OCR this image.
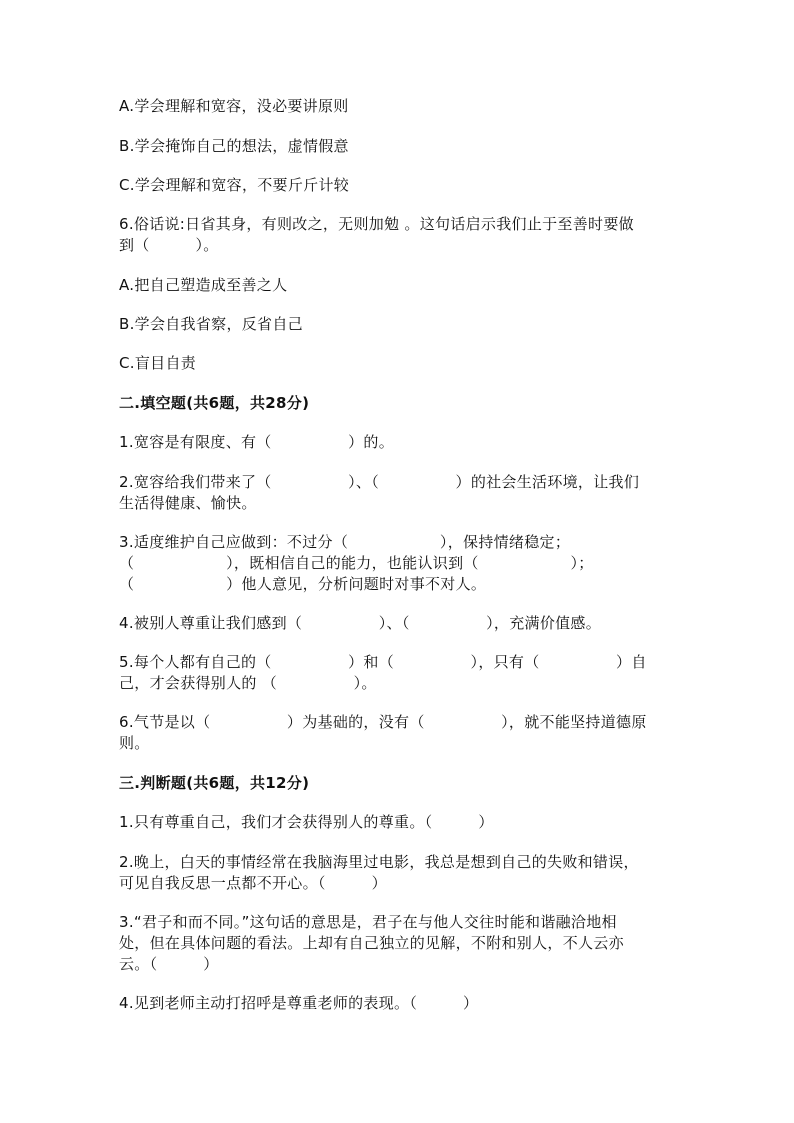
A.学会理解和宽容，没必要讲原则
B.学会掩饰自己的想法，虚情假意
C.学会理解和宽容，不要斤斤计较
6.俗话说:日省其身，有则改之，无则加勉 。这句话启示我们止于至善时要做
到（　　　）。
A.把自己塑造成至善之人
B.学会自我省察，反省自己
C.盲目自责
二.填空题(共6题，共28分)
1.宽容是有限度、有（　　　　　）的。
2.宽容给我们带来了（　　　　　）、（　　　　　）的社会生活环境，让我们
生活得健康、愉快。
3.适度维护自己应做到：不过分（　　　　　　），保持情绪稳定；
（　　　　　　），既相信自己的能力，也能认识到（　　　　　　）；
（　　　　　　）他人意见，分析问题时对事不对人。
4.被别人尊重让我们感到（　　　　　）、（　　　　　），充满价值感。
5.每个人都有自己的（　　　　　）和（　　　　　），只有（　　　　　）自
己，才会获得别人的 （　　　　　）。
6.气节是以（　　　　　）为基础的，没有（　　　　　），就不能坚持道德原
则。
三.判断题(共6题，共12分)
1.只有尊重自己，我们才会获得别人的尊重。（　　　）
2.晚上，白天的事情经常在我脑海里过电影，我总是想到自己的失败和错误，
可见自我反思一点都不开心。（　　　）
3.“君子和而不同。”这句话的意思是，君子在与他人交往时能和谐融洽地相
处，但在具体问题的看法。上却有自己独立的见解，不附和别人，不人云亦
云。（　　　）
4.见到老师主动打招呼是尊重老师的表现。（　　　）
